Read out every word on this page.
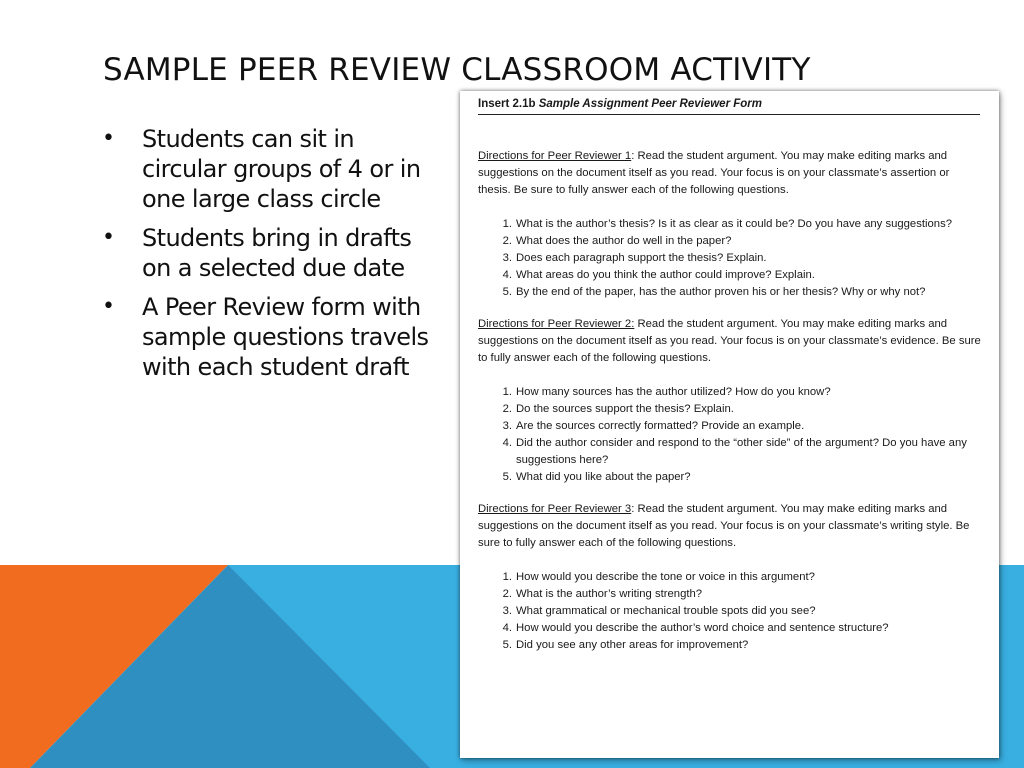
SAMPLE PEER REVIEW CLASSROOM ACTIVITY
• Students can sit in circular groups of 4 or in one large class circle
• Students bring in drafts on a selected due date
• A Peer Review form with sample questions travels with each student draft
Insert 2.1b Sample Assignment Peer Reviewer Form

Directions for Peer Reviewer 1: Read the student argument. You may make editing marks and suggestions on the document itself as you read. Your focus is on your classmate’s assertion or thesis. Be sure to fully answer each of the following questions.

1. What is the author’s thesis? Is it as clear as it could be? Do you have any suggestions?
2. What does the author do well in the paper?
3. Does each paragraph support the thesis? Explain.
4. What areas do you think the author could improve? Explain.
5. By the end of the paper, has the author proven his or her thesis? Why or why not?

Directions for Peer Reviewer 2: Read the student argument. You may make editing marks and suggestions on the document itself as you read. Your focus is on your classmate’s evidence. Be sure to fully answer each of the following questions.

1. How many sources has the author utilized? How do you know?
2. Do the sources support the thesis? Explain.
3. Are the sources correctly formatted? Provide an example.
4. Did the author consider and respond to the “other side” of the argument? Do you have any suggestions here?
5. What did you like about the paper?

Directions for Peer Reviewer 3: Read the student argument. You may make editing marks and suggestions on the document itself as you read. Your focus is on your classmate’s writing style. Be sure to fully answer each of the following questions.

1. How would you describe the tone or voice in this argument?
2. What is the author’s writing strength?
3. What grammatical or mechanical trouble spots did you see?
4. How would you describe the author’s word choice and sentence structure?
5. Did you see any other areas for improvement?
